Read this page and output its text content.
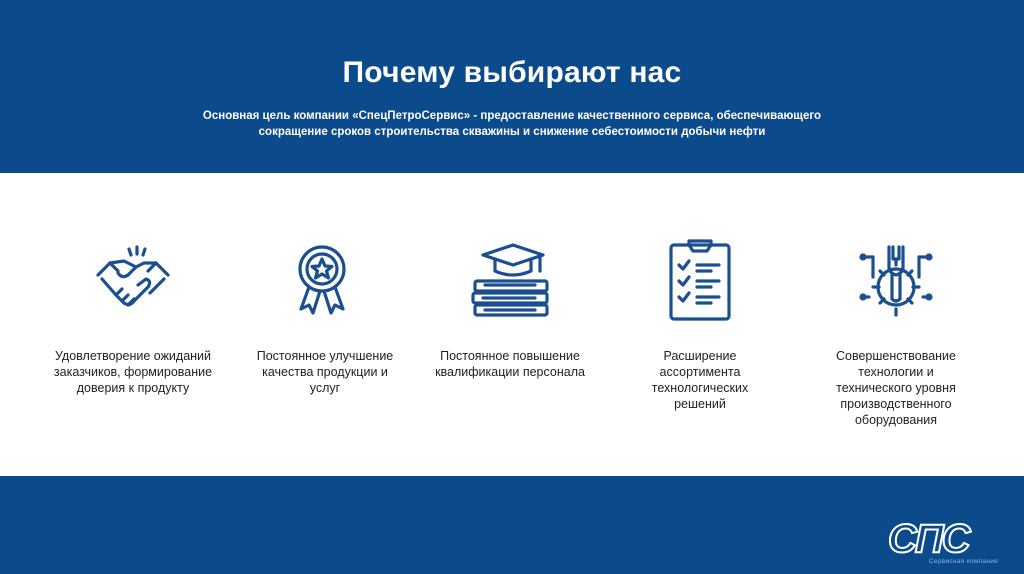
Почему выбирают нас
Основная цель компании «СпецПетроСервис» - предоставление качественного сервиса, обеспечивающего сокращение сроков строительства скважины и снижение себестоимости добычи нефти
Удовлетворение ожиданий заказчиков, формирование доверия к продукту
Постоянное улучшение качества продукции и услуг
Постоянное повышение квалификации персонала
Расширение ассортимента технологических решений
Совершенствование технологии и технического уровня производственного оборудования
СПС
Сервисная компания
